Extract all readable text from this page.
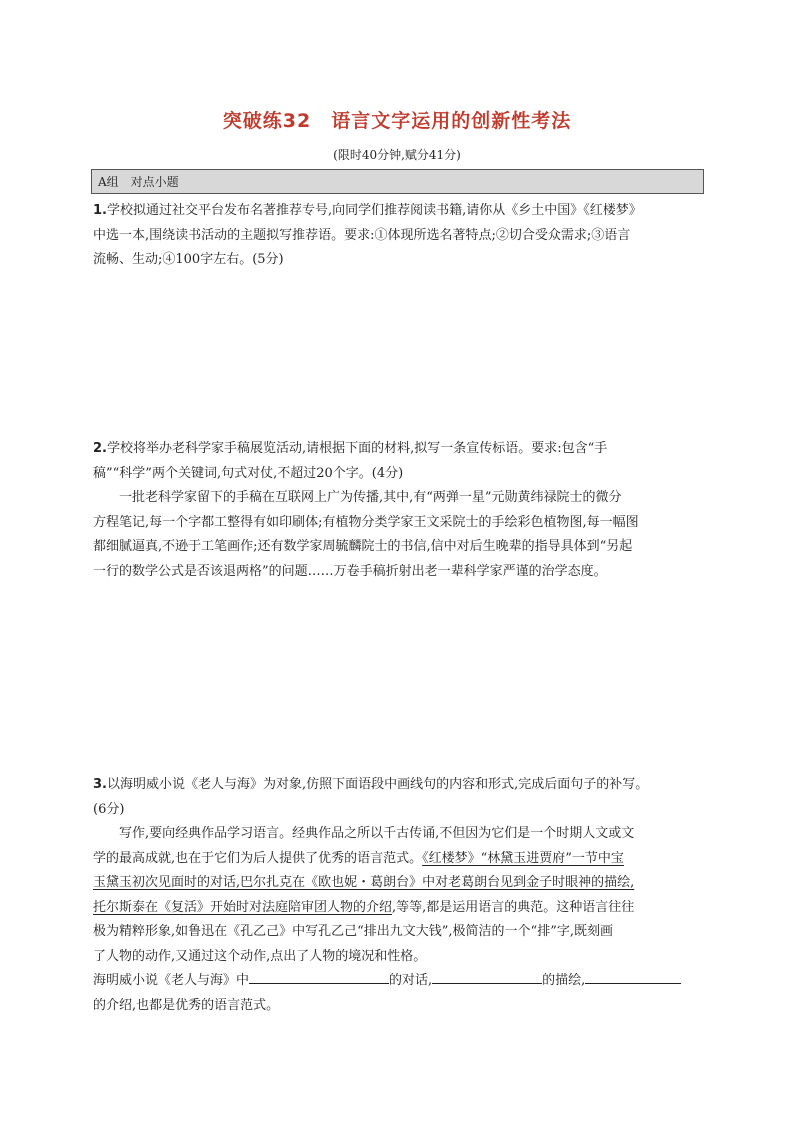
突破练32　语言文字运用的创新性考法
(限时40分钟,赋分41分)
A组　对点小题

1.学校拟通过社交平台发布名著推荐专号,向同学们推荐阅读书籍,请你从《乡土中国》《红楼梦》

中选一本,围绕读书活动的主题拟写推荐语。要求:①体现所选名著特点;②切合受众需求;③语言

流畅、生动;④100字左右。(5分)

2.学校将举办老科学家手稿展览活动,请根据下面的材料,拟写一条宣传标语。要求:包含“手

稿”“科学”两个关键词,句式对仗,不超过20个字。(4分)

一批老科学家留下的手稿在互联网上广为传播,其中,有“两弹一星”元勋黄纬禄院士的微分

方程笔记,每一个字都工整得有如印刷体;有植物分类学家王文采院士的手绘彩色植物图,每一幅图

都细腻逼真,不逊于工笔画作;还有数学家周毓麟院士的书信,信中对后生晚辈的指导具体到“另起

一行的数学公式是否该退两格”的问题……万卷手稿折射出老一辈科学家严谨的治学态度。

3.以海明威小说《老人与海》为对象,仿照下面语段中画线句的内容和形式,完成后面句子的补写。

(6分)

写作,要向经典作品学习语言。经典作品之所以千古传诵,不但因为它们是一个时期人文或文

学的最高成就,也在于它们为后人提供了优秀的语言范式。《红楼梦》“林黛玉进贾府”一节中宝

玉黛玉初次见面时的对话,巴尔扎克在《欧也妮・葛朗台》中对老葛朗台见到金子时眼神的描绘,

托尔斯泰在《复活》开始时对法庭陪审团人物的介绍,等等,都是运用语言的典范。这种语言往往

极为精粹形象,如鲁迅在《孔乙己》中写孔乙己“排出九文大钱”,极简洁的一个“排”字,既刻画

了人物的动作,又通过这个动作,点出了人物的境况和性格。

海明威小说《老人与海》中	的对话,	的描绘,

的介绍,也都是优秀的语言范式。
